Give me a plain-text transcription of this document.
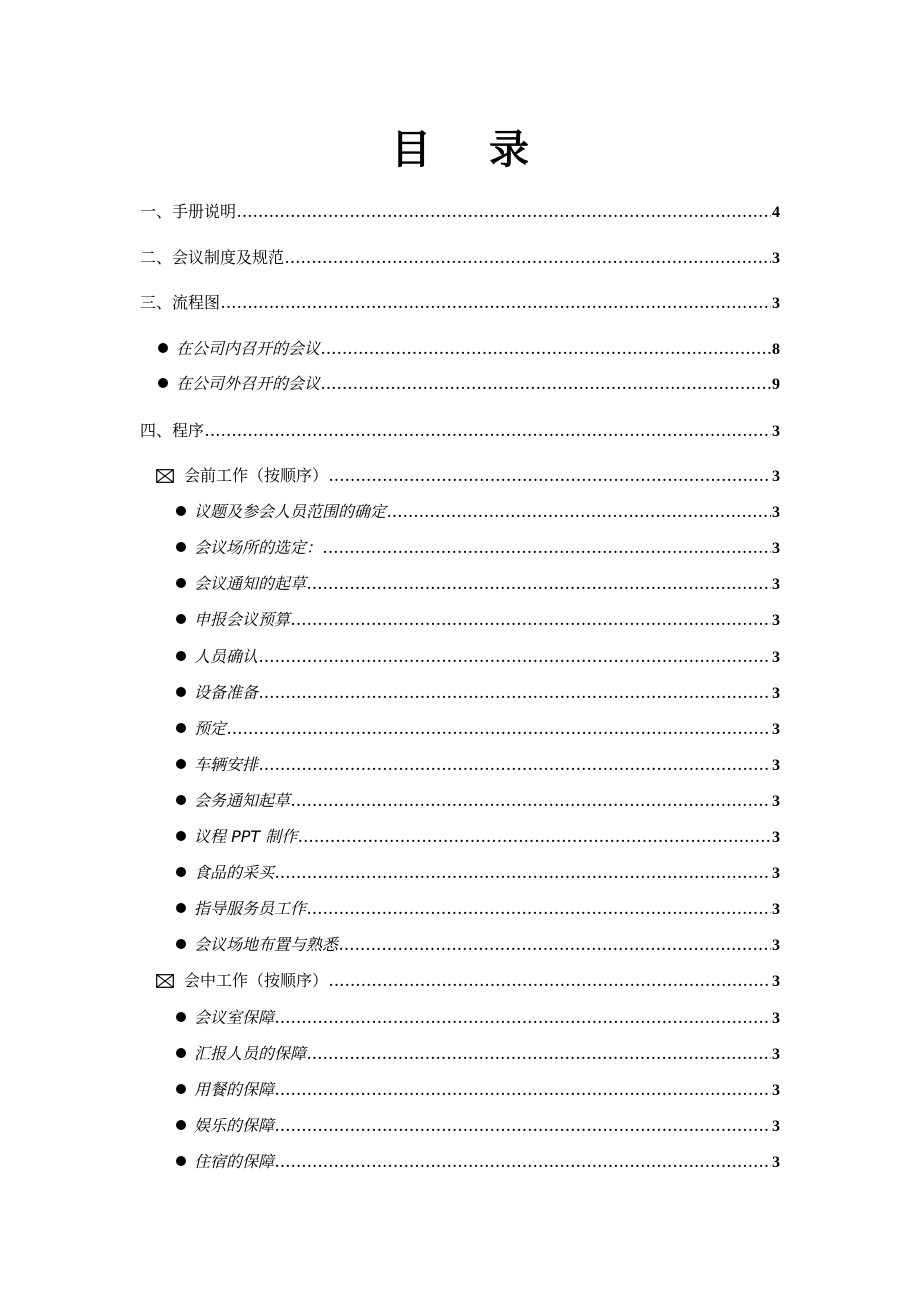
目 录
一、手册说明 .....	4
二、会议制度及规范 .....	3
三、流程图 .....	3
在公司内召开的会议 .....	8
在公司外召开的会议 .....	9
四、程序 .....	3
会前工作（按顺序） .....	3
议题及参会人员范围的确定 .....	3
会议场所的选定： .....	3
会议通知的起草 .....	3
申报会议预算 .....	3
人员确认 .....	3
设备准备 .....	3
预定 .....	3
车辆安排 .....	3
会务通知起草 .....	3
议程 PPT 制作 .....	3
食品的采买 .....	3
指导服务员工作 .....	3
会议场地布置与熟悉 .....	3
会中工作（按顺序） .....	3
会议室保障 .....	3
汇报人员的保障 .....	3
用餐的保障 .....	3
娱乐的保障 .....	3
住宿的保障 .....	3
